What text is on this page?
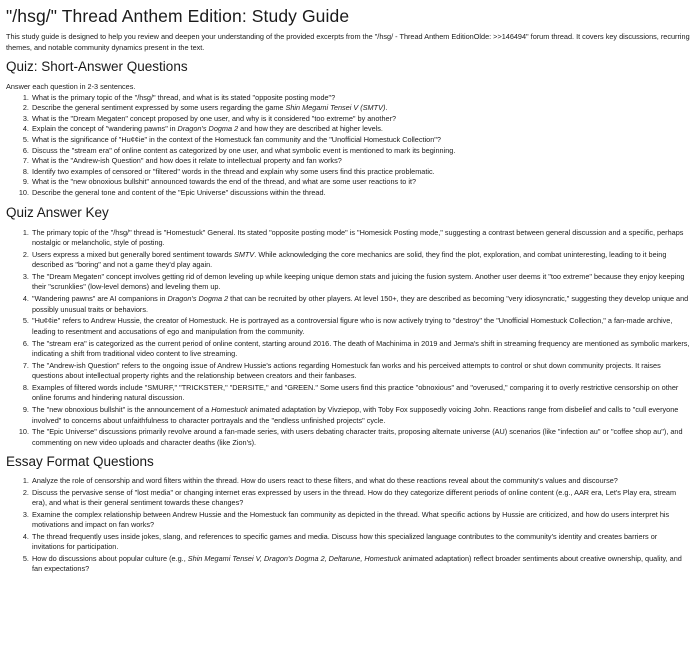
"/hsg/" Thread Anthem Edition: Study Guide

This study guide is designed to help you review and deepen your understanding of the provided excerpts from the "/hsg/ - Thread Anthem EditionOlde: >>146494" forum thread. It covers key discussions, recurring themes, and notable community dynamics present in the text.

Quiz: Short-Answer Questions

Answer each question in 2-3 sentences.

1. What is the primary topic of the "/hsg/" thread, and what is its stated "opposite posting mode"?
2. Describe the general sentiment expressed by some users regarding the game Shin Megami Tensei V (SMTV).
3. What is the "Dream Megaten" concept proposed by one user, and why is it considered "too extreme" by another?
4. Explain the concept of "wandering pawns" in Dragon's Dogma 2 and how they are described at higher levels.
5. What is the significance of "Hu¢¢ie" in the context of the Homestuck fan community and the "Unofficial Homestuck Collection"?
6. Discuss the "stream era" of online content as categorized by one user, and what symbolic event is mentioned to mark its beginning.
7. What is the "Andrew-ish Question" and how does it relate to intellectual property and fan works?
8. Identify two examples of censored or "filtered" words in the thread and explain why some users find this practice problematic.
9. What is the "new obnoxious bullshit" announced towards the end of the thread, and what are some user reactions to it?
10. Describe the general tone and content of the "Epic Universe" discussions within the thread.
Quiz Answer Key
1. The primary topic of the "/hsg/" thread is "Homestuck" General. Its stated "opposite posting mode" is "Homesick Posting mode," suggesting a contrast between general discussion and a specific, perhaps nostalgic or melancholic, style of posting.
2. Users express a mixed but generally bored sentiment towards SMTV. While acknowledging the core mechanics are solid, they find the plot, exploration, and combat uninteresting, leading to it being described as "boring" and not a game they'd play again.
3. The "Dream Megaten" concept involves getting rid of demon leveling up while keeping unique demon stats and juicing the fusion system. Another user deems it "too extreme" because they enjoy keeping their "scrunklies" (low-level demons) and leveling them up.
4. "Wandering pawns" are AI companions in Dragon's Dogma 2 that can be recruited by other players. At level 150+, they are described as becoming "very idiosyncratic," suggesting they develop unique and possibly unusual traits or behaviors.
5. "Hu¢¢ie" refers to Andrew Hussie, the creator of Homestuck. He is portrayed as a controversial figure who is now actively trying to "destroy" the "Unofficial Homestuck Collection," a fan-made archive, leading to resentment and accusations of ego and manipulation from the community.
6. The "stream era" is categorized as the current period of online content, starting around 2016. The death of Machinima in 2019 and Jerma's shift in streaming frequency are mentioned as symbolic markers, indicating a shift from traditional video content to live streaming.
7. The "Andrew-ish Question" refers to the ongoing issue of Andrew Hussie's actions regarding Homestuck fan works and his perceived attempts to control or shut down community projects. It raises questions about intellectual property rights and the relationship between creators and their fanbases.
8. Examples of filtered words include "SMURF," "TRICKSTER," "DERSITE," and "GREEN." Some users find this practice "obnoxious" and "overused," comparing it to overly restrictive censorship on other online forums and hindering natural discussion.
9. The "new obnoxious bullshit" is the announcement of a Homestuck animated adaptation by Vivziepop, with Toby Fox supposedly voicing John. Reactions range from disbelief and calls to "cull everyone involved" to concerns about unfaithfulness to character portrayals and the "endless unfinished projects" cycle.
10. The "Epic Universe" discussions primarily revolve around a fan-made series, with users debating character traits, proposing alternate universe (AU) scenarios (like "infection au" or "coffee shop au"), and commenting on new video uploads and character deaths (like Zion's).
Essay Format Questions
1. Analyze the role of censorship and word filters within the thread. How do users react to these filters, and what do these reactions reveal about the community's values and discourse?
2. Discuss the pervasive sense of "lost media" or changing internet eras expressed by users in the thread. How do they categorize different periods of online content (e.g., AAR era, Let's Play era, stream era), and what is their general sentiment towards these changes?
3. Examine the complex relationship between Andrew Hussie and the Homestuck fan community as depicted in the thread. What specific actions by Hussie are criticized, and how do users interpret his motivations and impact on fan works?
4. The thread frequently uses inside jokes, slang, and references to specific games and media. Discuss how this specialized language contributes to the community's identity and creates barriers or invitations for participation.
5. How do discussions about popular culture (e.g., Shin Megami Tensei V, Dragon's Dogma 2, Deltarune, Homestuck animated adaptation) reflect broader sentiments about creative ownership, quality, and fan expectations?
